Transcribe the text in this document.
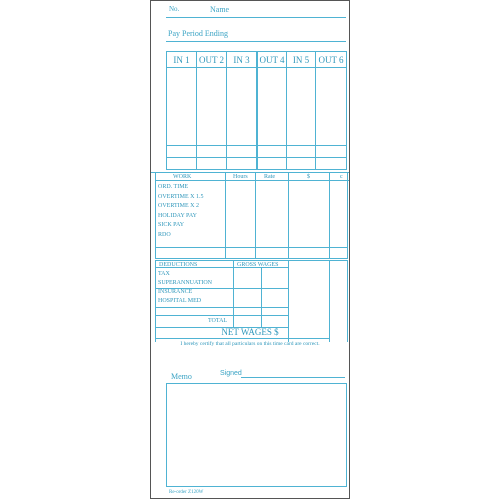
No.	Name
Pay Period Ending
IN 1	OUT 2	IN 3	OUT 4 IN 5	OUT 6
WORK	Hours	Rate	$	c
ORD. TIME
OVERTIME X 1.5
OVERTIME X 2
HOLIDAY PAY
SICK PAY
RDO
DEDUCTIONS	GROSS WAGES
TAX
SUPERANNUATION
INSURANCE
HOSPITAL MED
TOTAL
NET WAGES $
I hereby certify that all particulars on this time card are correct.
Signed
Memo
Re-order Z120W
